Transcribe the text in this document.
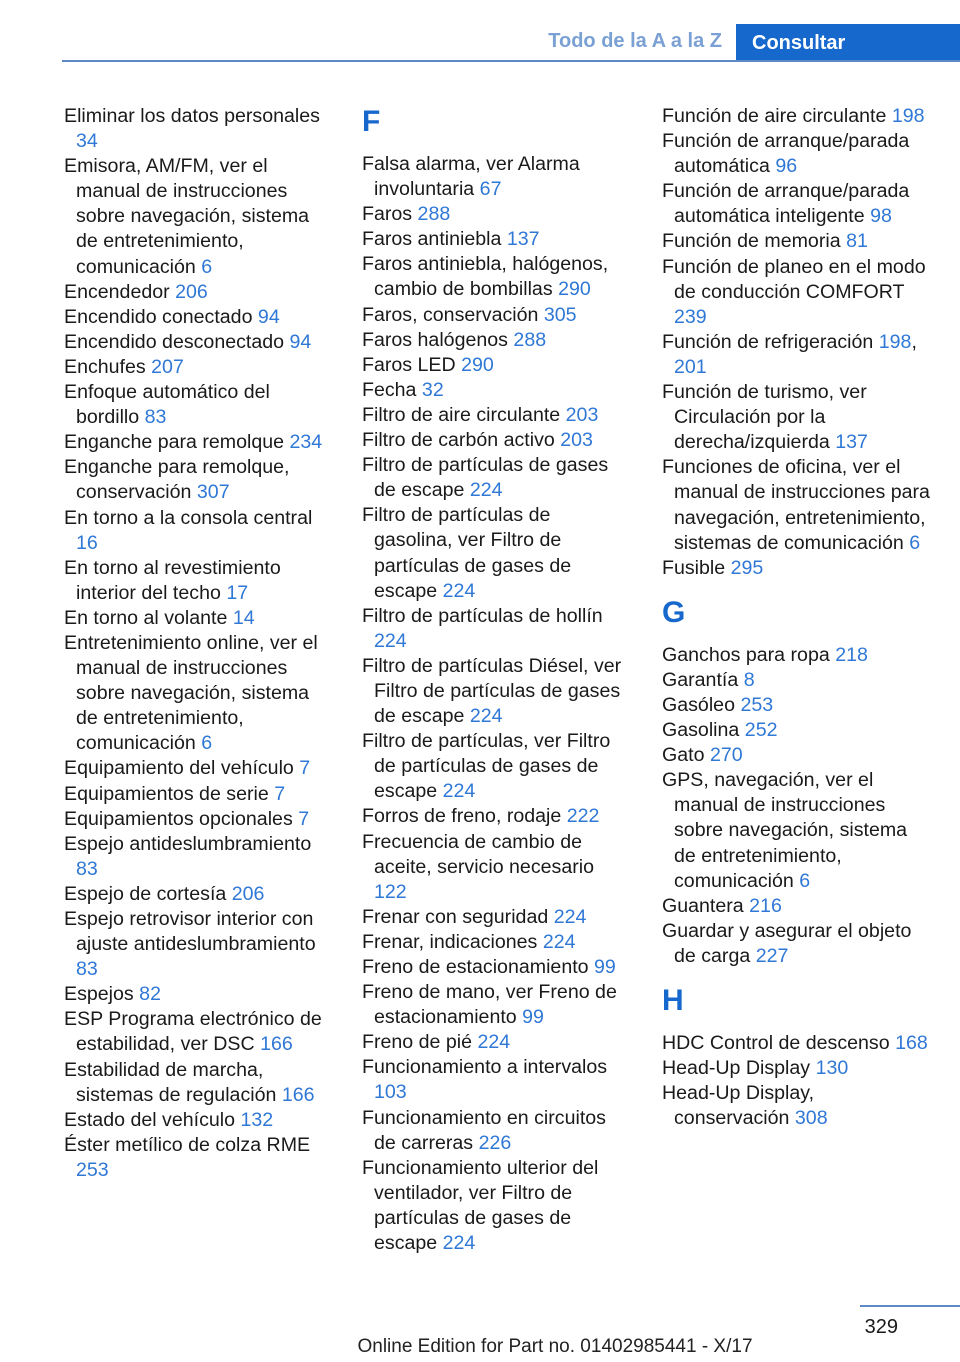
Todo de la A a la Z	Consultar

Eliminar los datos personales 34

Emisora, AM/FM, ver el manual de instrucciones sobre navegación, sistema de entretenimiento, comunicación 6

Encendedor 206

Encendido conectado 94

Encendido desconectado 94

Enchufes 207

Enfoque automático del bordillo 83

Enganche para remolque 234

Enganche para remolque, conservación 307

En torno a la consola central 16

En torno al revestimiento interior del techo 17

En torno al volante 14

Entretenimiento online, ver el manual de instrucciones sobre navegación, sistema de entretenimiento, comunicación 6

Equipamiento del vehículo 7

Equipamientos de serie 7

Equipamientos opcionales 7

Espejo antideslumbramiento 83

Espejo de cortesía 206

Espejo retrovisor interior con ajuste antideslumbramiento 83

Espejos 82

ESP Programa electrónico de estabilidad, ver DSC 166

Estabilidad de marcha, sistemas de regulación 166

Estado del vehículo 132

Éster metílico de colza RME 253

F

Falsa alarma, ver Alarma involuntaria 67

Faros 288

Faros antiniebla 137

Faros antiniebla, halógenos, cambio de bombillas 290

Faros, conservación 305

Faros halógenos 288

Faros LED 290

Fecha 32

Filtro de aire circulante 203

Filtro de carbón activo 203

Filtro de partículas de gases de escape 224

Filtro de partículas de gasolina, ver Filtro de partículas de gases de escape 224

Filtro de partículas de hollín 224

Filtro de partículas Diésel, ver Filtro de partículas de gases de escape 224

Filtro de partículas, ver Filtro de partículas de gases de escape 224

Forros de freno, rodaje 222

Frecuencia de cambio de aceite, servicio necesario 122

Frenar con seguridad 224

Frenar, indicaciones 224

Freno de estacionamiento 99

Freno de mano, ver Freno de estacionamiento 99

Freno de pié 224

Funcionamiento a intervalos 103

Funcionamiento en circuitos de carreras 226

Funcionamiento ulterior del ventilador, ver Filtro de partículas de gases de escape 224

Función de aire circulante 198

Función de arranque/parada automática 96

Función de arranque/parada automática inteligente 98

Función de memoria 81

Función de planeo en el modo de conducción COMFORT 239

Función de refrigeración 198, 201

Función de turismo, ver Circulación por la derecha/izquierda 137

Funciones de oficina, ver el manual de instrucciones para navegación, entretenimiento, sistemas de comunicación 6

Fusible 295

G

Ganchos para ropa 218

Garantía 8

Gasóleo 253

Gasolina 252

Gato 270

GPS, navegación, ver el manual de instrucciones sobre navegación, sistema de entretenimiento, comunicación 6

Guantera 216

Guardar y asegurar el objeto de carga 227

H

HDC Control de descenso 168

Head-Up Display 130

Head-Up Display, conservación 308

329
Online Edition for Part no. 01402985441 - X/17
